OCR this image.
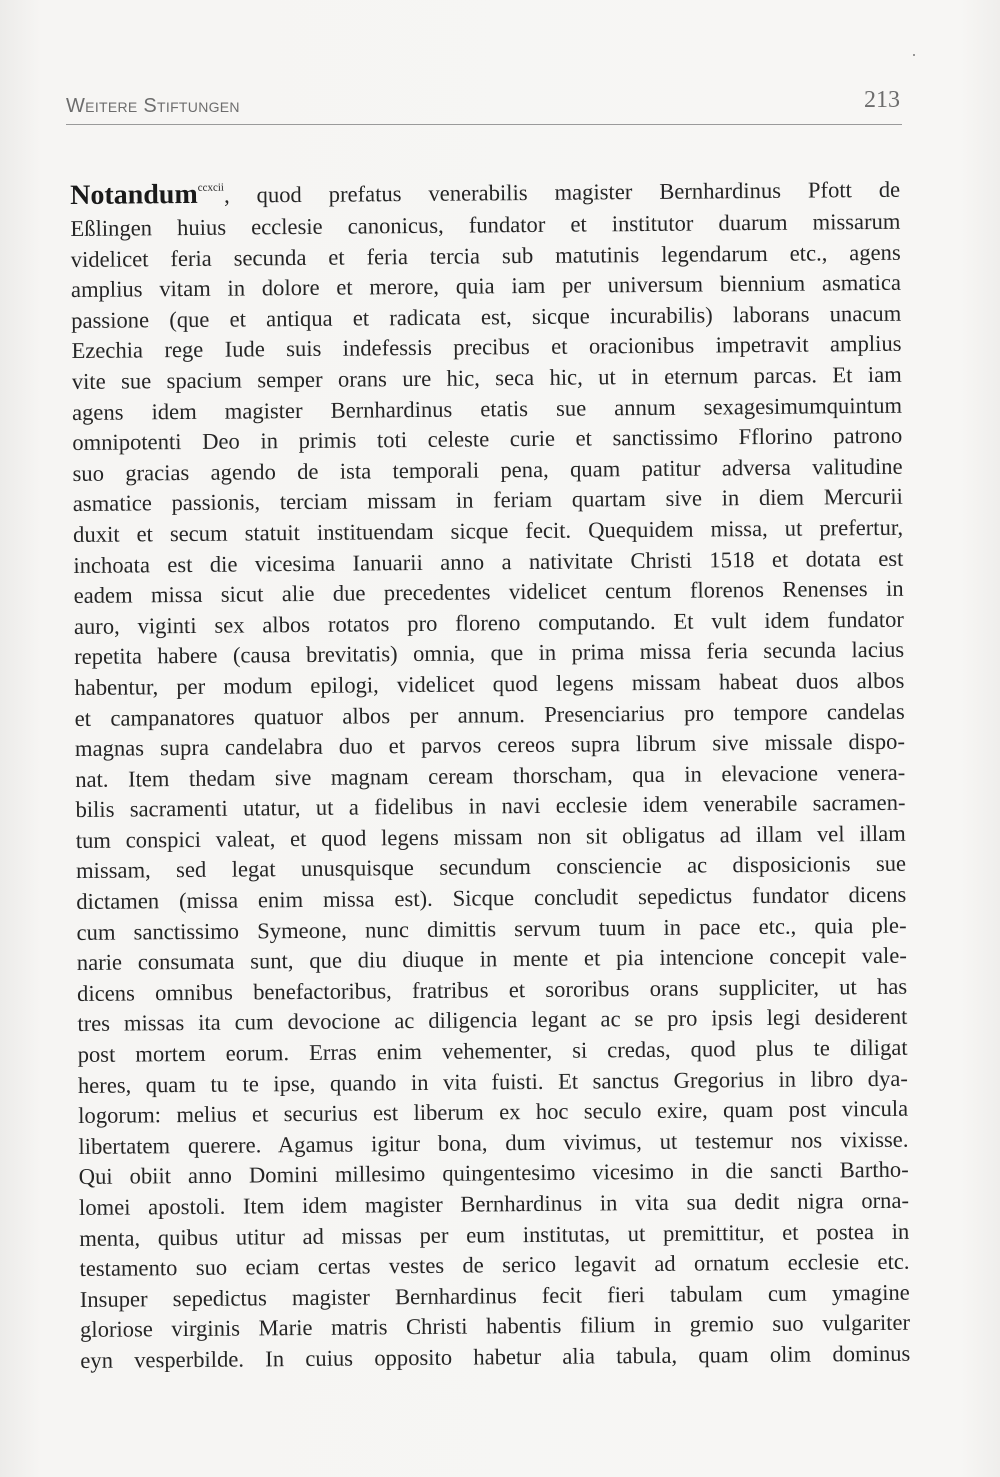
Weitere Stiftungen	213
Notandum$^{ccxcii}$, quod prefatus venerabilis magister Bernhardinus Pfott de
Eßlingen huius ecclesie canonicus, fundator et institutor duarum missarum
videlicet feria secunda et feria tercia sub matutinis legendarum etc., agens
amplius vitam in dolore et merore, quia iam per universum biennium asmatica
passione (que et antiqua et radicata est, sicque incurabilis) laborans unacum
Ezechia rege Iude suis indefessis precibus et oracionibus impetravit amplius
vite sue spacium semper orans ure hic, seca hic, ut in eternum parcas. Et iam
agens idem magister Bernhardinus etatis sue annum sexagesimumquintum
omnipotenti Deo in primis toti celeste curie et sanctissimo Fflorino patrono
suo gracias agendo de ista temporali pena, quam patitur adversa valitudine
asmatice passionis, terciam missam in feriam quartam sive in diem Mercurii
duxit et secum statuit instituendam sicque fecit. Quequidem missa, ut prefertur,
inchoata est die vicesima Ianuarii anno a nativitate Christi 1518 et dotata est
eadem missa sicut alie due precedentes videlicet centum florenos Renenses in
auro, viginti sex albos rotatos pro floreno computando. Et vult idem fundator
repetita habere (causa brevitatis) omnia, que in prima missa feria secunda lacius
habentur, per modum epilogi, videlicet quod legens missam habeat duos albos
et campanatores quatuor albos per annum. Presenciarius pro tempore candelas
magnas supra candelabra duo et parvos cereos supra librum sive missale dispo-
nat. Item thedam sive magnam ceream thorscham, qua in elevacione venera-
bilis sacramenti utatur, ut a fidelibus in navi ecclesie idem venerabile sacramen-
tum conspici valeat, et quod legens missam non sit obligatus ad illam vel illam
missam, sed legat unusquisque secundum consciencie ac disposicionis sue
dictamen (missa enim missa est). Sicque concludit sepedictus fundator dicens
cum sanctissimo Symeone, nunc dimittis servum tuum in pace etc., quia ple-
narie consumata sunt, que diu diuque in mente et pia intencione concepit vale-
dicens omnibus benefactoribus, fratribus et sororibus orans suppliciter, ut has
tres missas ita cum devocione ac diligencia legant ac se pro ipsis legi desiderent
post mortem eorum. Erras enim vehementer, si credas, quod plus te diligat
heres, quam tu te ipse, quando in vita fuisti. Et sanctus Gregorius in libro dya-
logorum: melius et securius est liberum ex hoc seculo exire, quam post vincula
libertatem querere. Agamus igitur bona, dum vivimus, ut testemur nos vixisse.
Qui obiit anno Domini millesimo quingentesimo vicesimo in die sancti Bartho-
lomei apostoli. Item idem magister Bernhardinus in vita sua dedit nigra orna-
menta, quibus utitur ad missas per eum institutas, ut premittitur, et postea in
testamento suo eciam certas vestes de serico legavit ad ornatum ecclesie etc.
Insuper sepedictus magister Bernhardinus fecit fieri tabulam cum ymagine
gloriose virginis Marie matris Christi habentis filium in gremio suo vulgariter
eyn vesperbilde. In cuius opposito habetur alia tabula, quam olim dominus
